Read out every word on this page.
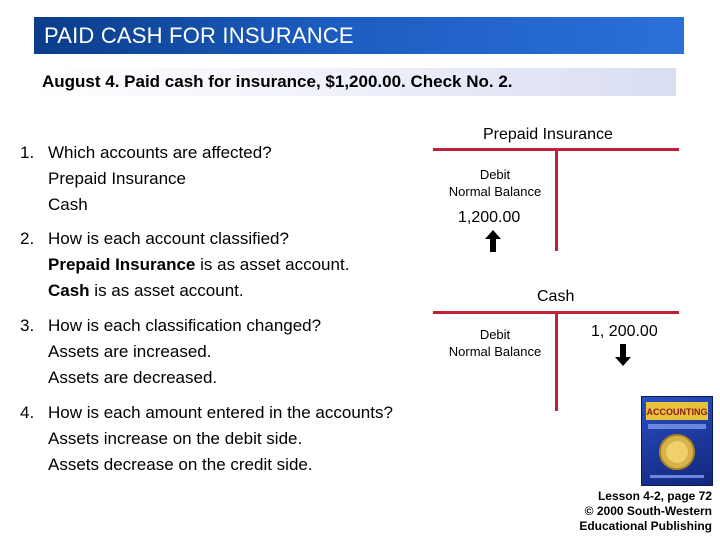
PAID CASH FOR INSURANCE
August 4. Paid cash for insurance, $1,200.00. Check No. 2.
1. Which accounts are affected?
Prepaid Insurance
Cash
2. How is each account classified?
Prepaid Insurance is as asset account.
Cash is as asset account.
3. How is each classification changed?
Assets are increased.
Assets are decreased.
4. How is each amount entered in the accounts?
Assets increase on the debit side.
Assets decrease on the credit side.
Prepaid Insurance
Debit
Normal Balance
1,200.00
Cash
Debit
Normal Balance
1, 200.00
ACCOUNTING
Lesson 4-2, page 72
© 2000 South-Western
Educational Publishing
